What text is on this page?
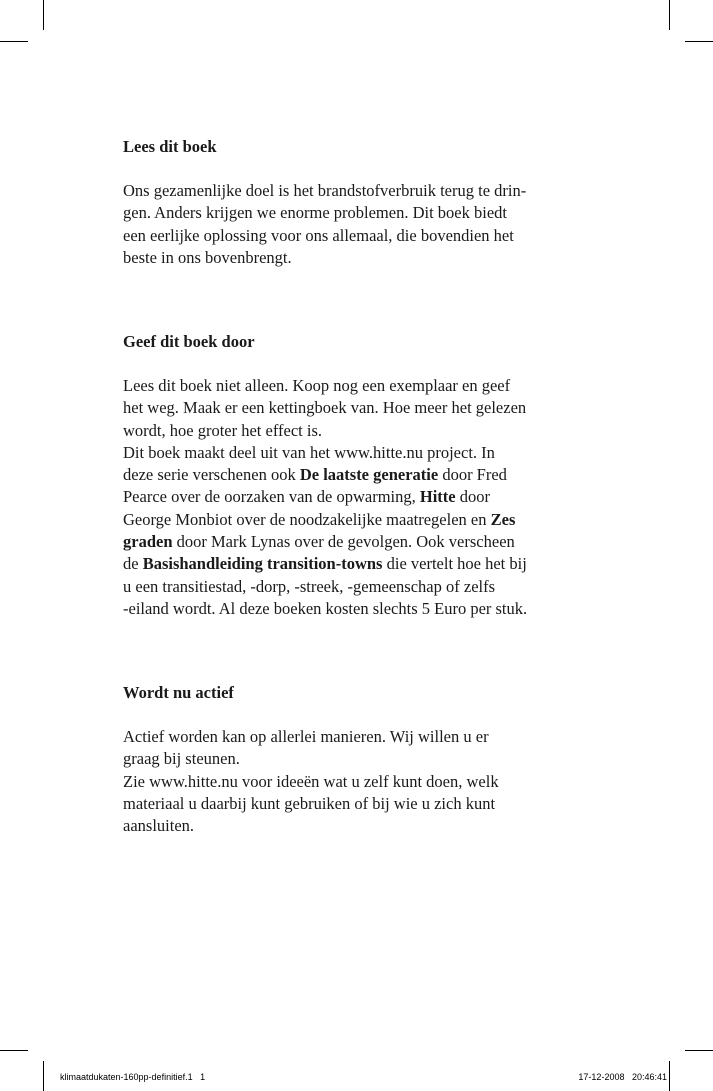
Lees dit boek

Ons gezamenlijke doel is het brandstofverbruik terug te drin-
gen. Anders krijgen we enorme problemen. Dit boek biedt
een eerlijke oplossing voor ons allemaal, die bovendien het
beste in ons bovenbrengt.

Geef dit boek door

Lees dit boek niet alleen. Koop nog een exemplaar en geef
het weg. Maak er een kettingboek van. Hoe meer het gelezen
wordt, hoe groter het effect is.
Dit boek maakt deel uit van het www.hitte.nu project. In
deze serie verschenen ook De laatste generatie door Fred
Pearce over de oorzaken van de opwarming, Hitte door
George Monbiot over de noodzakelijke maatregelen en Zes
graden door Mark Lynas over de gevolgen. Ook verscheen
de Basishandleiding transition-towns die vertelt hoe het bij
u een transitiestad, -dorp, -streek, -gemeenschap of zelfs
-eiland wordt. Al deze boeken kosten slechts 5 Euro per stuk.

Wordt nu actief

Actief worden kan op allerlei manieren. Wij willen u er
graag bij steunen.
Zie www.hitte.nu voor ideeën wat u zelf kunt doen, welk
materiaal u daarbij kunt gebruiken of bij wie u zich kunt
aansluiten.

klimaatdukaten-160pp-definitief.1   1	17-12-2008   20:46:41
